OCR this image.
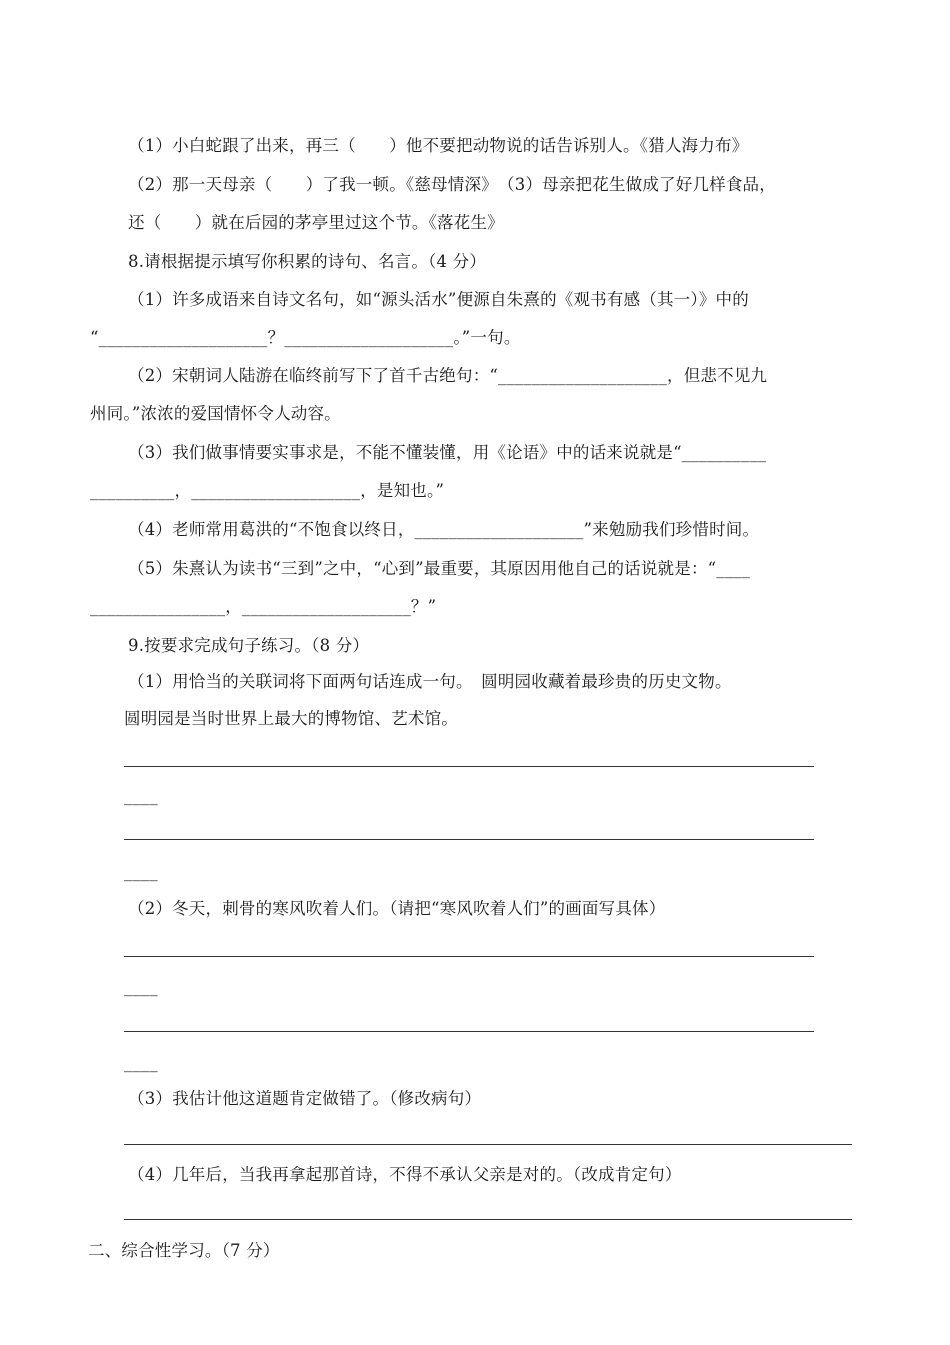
（1）小白蛇跟了出来，再三（　　）他不要把动物说的话告诉别人。《猎人海力布》
（2）那一天母亲（　　）了我一顿。《慈母情深》　（3）母亲把花生做成了好几样食品，
还（　　）就在后园的茅亭里过这个节。《落花生》
8.请根据提示填写你积累的诗句、名言。（4 分）
（1）许多成语来自诗文名句，如“源头活水”便源自朱熹的《观书有感（其一）》中的
“____________________？____________________。”一句。
（2）宋朝词人陆游在临终前写下了首千古绝句：“____________________，但悲不见九
州同。”浓浓的爱国情怀令人动容。
（3）我们做事情要实事求是，不能不懂装懂，用《论语》中的话来说就是“__________
__________，____________________，是知也。”
（4）老师常用葛洪的“不饱食以终日，____________________”来勉励我们珍惜时间。
（5）朱熹认为读书“三到”之中，“心到”最重要，其原因用他自己的话说就是：“____
________________，____________________？”
9.按要求完成句子练习。（8 分）
（1）用恰当的关联词将下面两句话连成一句。　圆明园收藏着最珍贵的历史文物。
圆明园是当时世界上最大的博物馆、艺术馆。
____
____
（2）冬天，刺骨的寒风吹着人们。（请把“寒风吹着人们”的画面写具体）
____
____
（3）我估计他这道题肯定做错了。（修改病句）
（4）几年后，当我再拿起那首诗，不得不承认父亲是对的。（改成肯定句）
二、综合性学习。（7 分）
